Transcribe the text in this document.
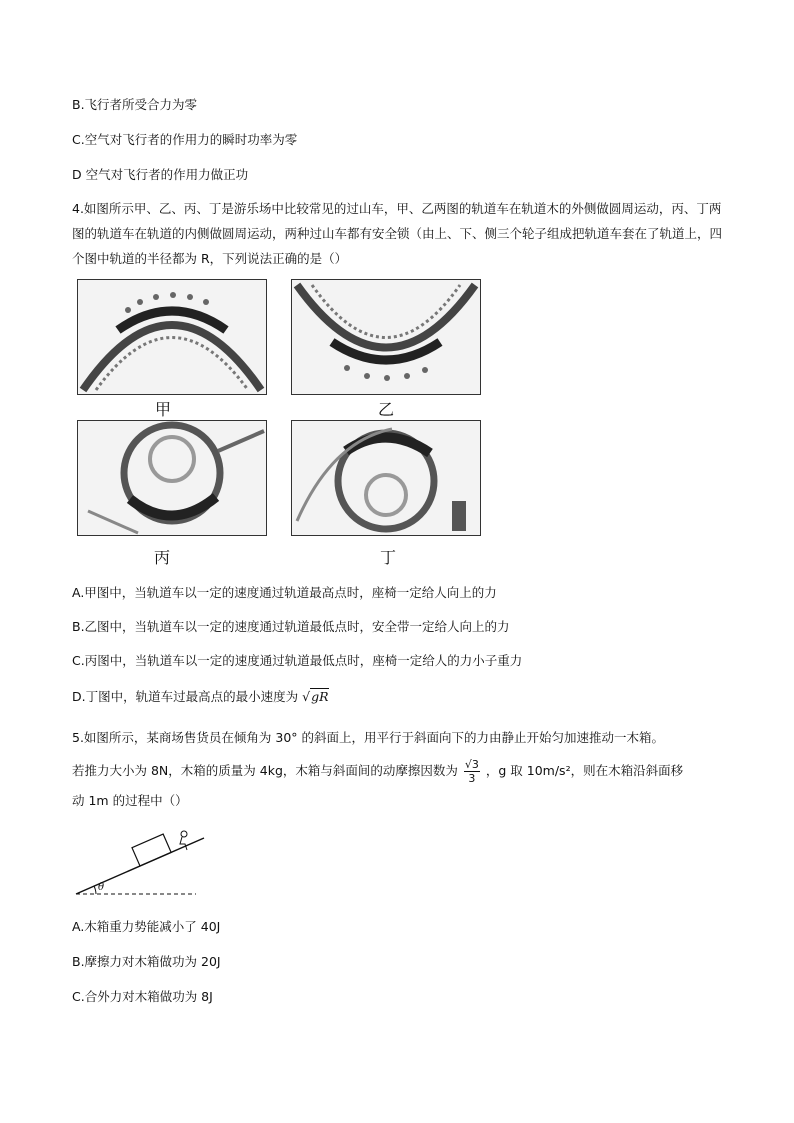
B.飞行者所受合力为零
C.空气对飞行者的作用力的瞬时功率为零
D 空气对飞行者的作用力做正功
4.如图所示甲、乙、丙、丁是游乐场中比较常见的过山车，甲、乙两图的轨道车在轨道木的外侧做圆周运动，丙、丁两图的轨道车在轨道的内侧做圆周运动，两种过山车都有安全锁（由上、下、侧三个轮子组成把轨道车套在了轨道上，四个图中轨道的半径都为 R，下列说法正确的是（）
甲	乙
丙	丁
A.甲图中，当轨道车以一定的速度通过轨道最高点时，座椅一定给人向上的力
B.乙图中，当轨道车以一定的速度通过轨道最低点时，安全带一定给人向上的力
C.丙图中，当轨道车以一定的速度通过轨道最低点时，座椅一定给人的力小子重力
D.丁图中，轨道车过最高点的最小速度为 √gR
5.如图所示，某商场售货员在倾角为 30° 的斜面上，用平行于斜面向下的力由静止开始匀加速推动一木箱。
若推力大小为 8N，木箱的质量为 4kg，木箱与斜面间的动摩擦因数为 $\frac{√3}{3}$ ，g 取 10m/s²，则在木箱沿斜面移
动 1m 的过程中（）
θ
A.木箱重力势能减小了 40J
B.摩擦力对木箱做功为 20J
C.合外力对木箱做功为 8J
